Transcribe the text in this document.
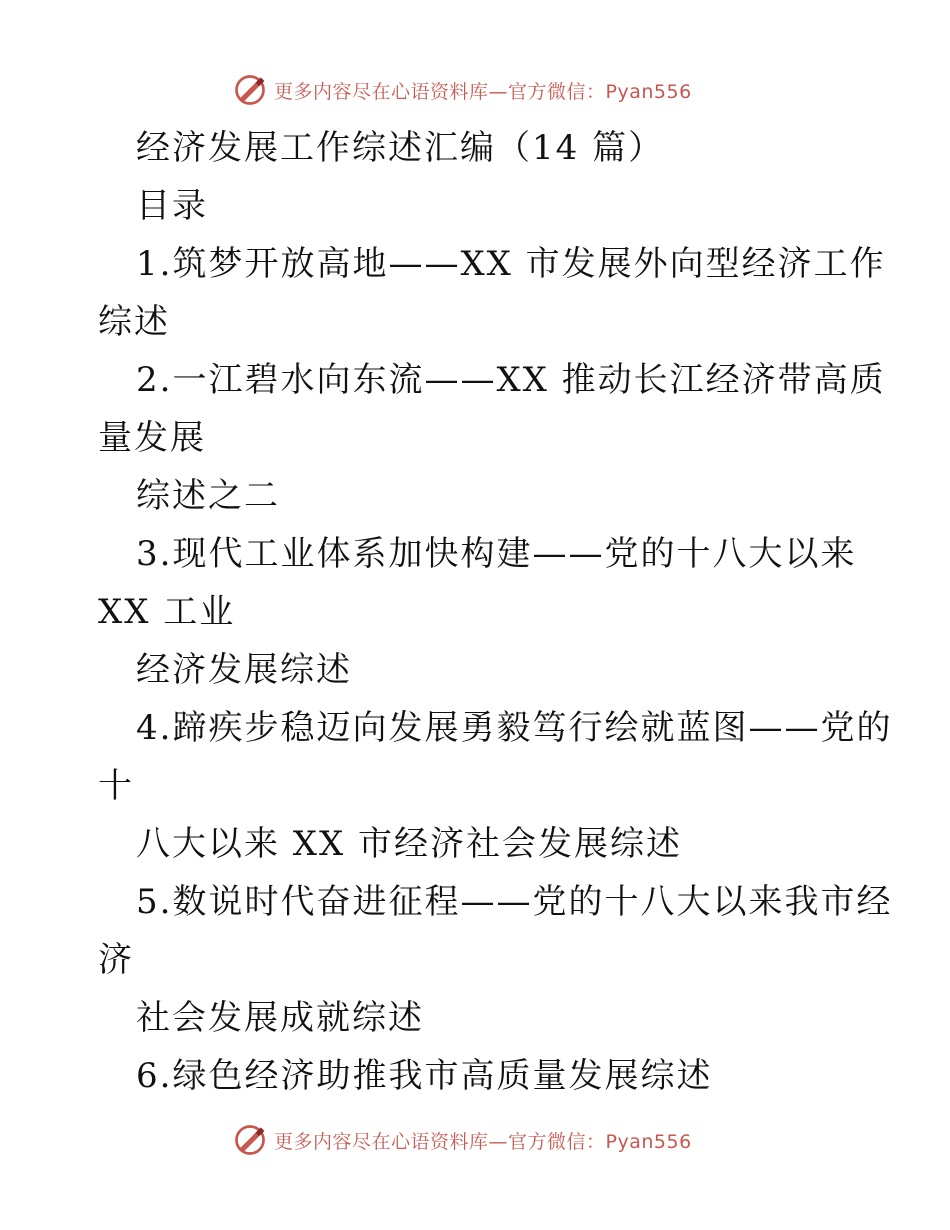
更多内容尽在心语资料库—官方微信：Pyan556
经济发展工作综述汇编（14 篇）
目录
1.筑梦开放高地——XX 市发展外向型经济工作
综述
2.一江碧水向东流——XX 推动长江经济带高质
量发展
综述之二
3.现代工业体系加快构建——党的十八大以来
XX 工业
经济发展综述
4.蹄疾步稳迈向发展勇毅笃行绘就蓝图——党的
十
八大以来 XX 市经济社会发展综述
5.数说时代奋进征程——党的十八大以来我市经
济
社会发展成就综述
6.绿色经济助推我市高质量发展综述
更多内容尽在心语资料库—官方微信：Pyan556
